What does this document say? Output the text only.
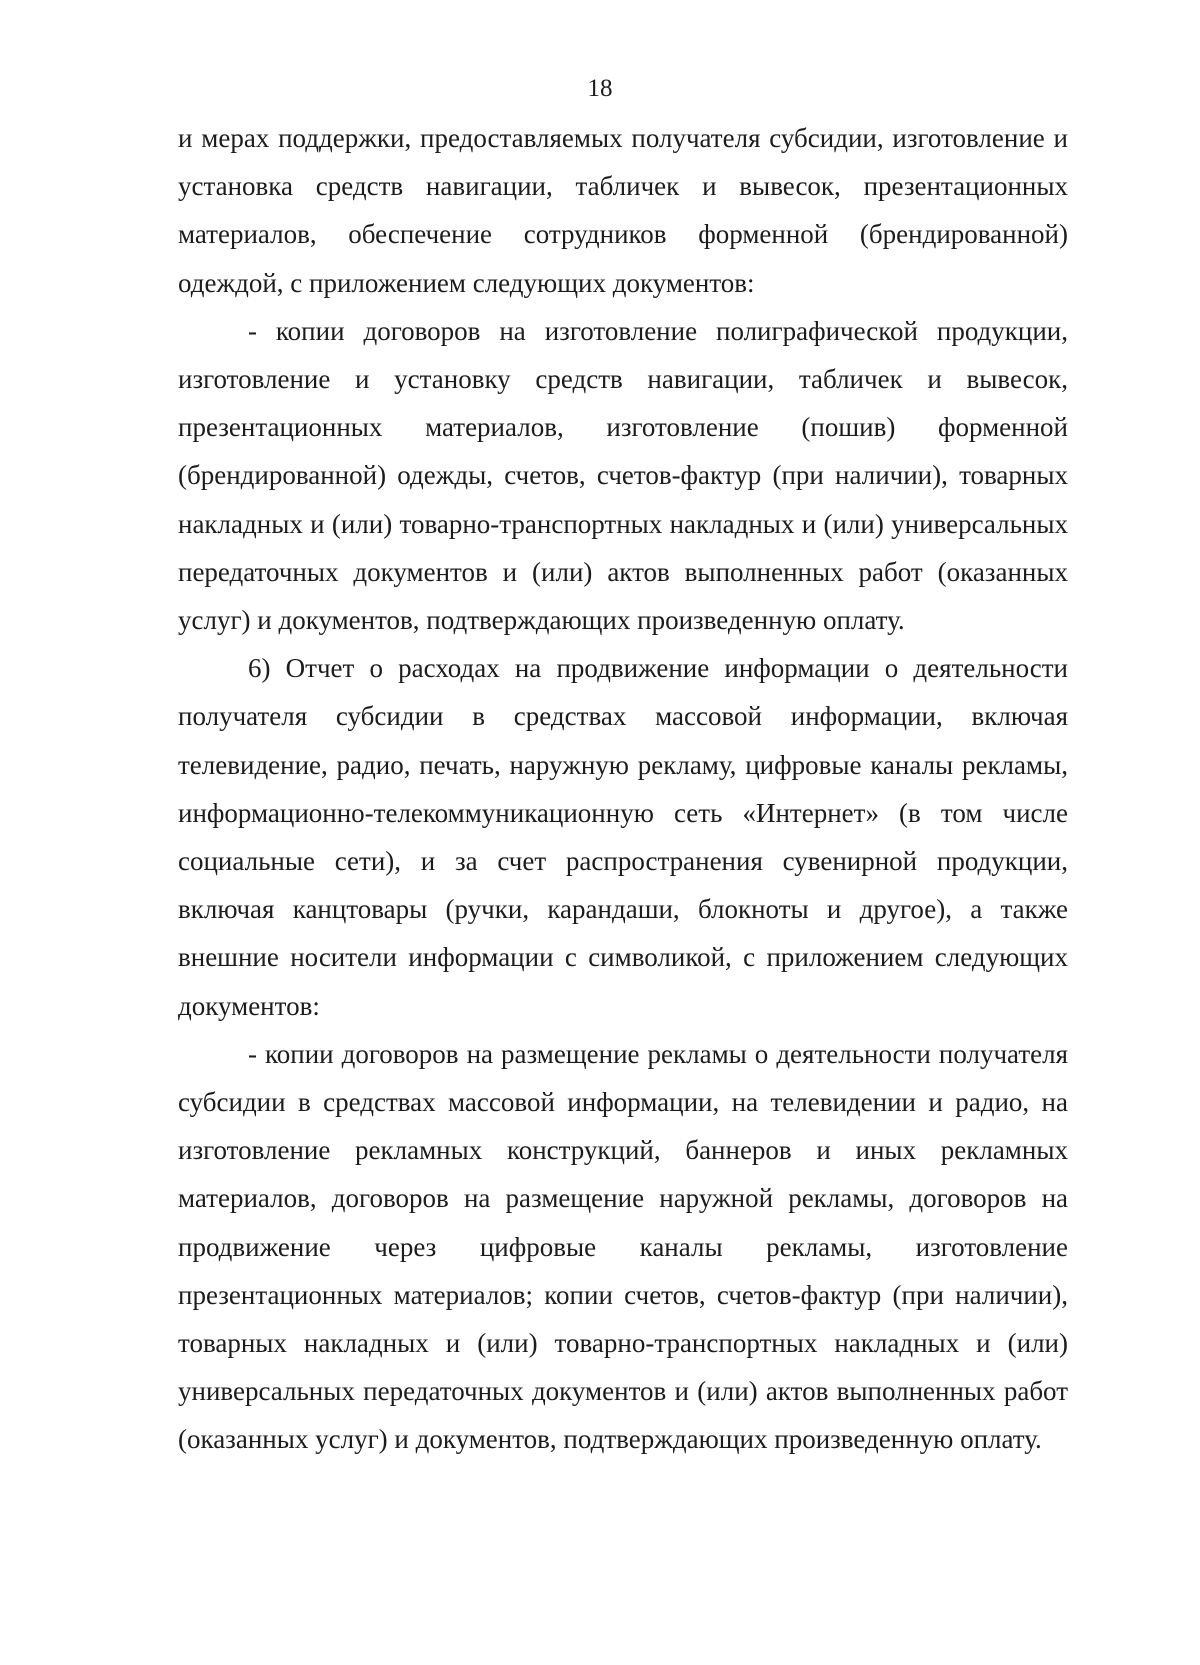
18

и мерах поддержки, предоставляемых получателя субсидии, изготовление и установка средств навигации, табличек и вывесок, презентационных материалов, обеспечение сотрудников форменной (брендированной) одеждой, с приложением следующих документов:

- копии договоров на изготовление полиграфической продукции, изготовление и установку средств навигации, табличек и вывесок, презентационных материалов, изготовление (пошив) форменной (брендированной) одежды, счетов, счетов-фактур (при наличии), товарных накладных и (или) товарно-транспортных накладных и (или) универсальных передаточных документов и (или) актов выполненных работ (оказанных услуг) и документов, подтверждающих произведенную оплату.

6) Отчет о расходах на продвижение информации о деятельности получателя субсидии в средствах массовой информации, включая телевидение, радио, печать, наружную рекламу, цифровые каналы рекламы, информационно-телекоммуникационную сеть «Интернет» (в том числе социальные сети), и за счет распространения сувенирной продукции, включая канцтовары (ручки, карандаши, блокноты и другое), а также внешние носители информации с символикой, с приложением следующих документов:

- копии договоров на размещение рекламы о деятельности получателя субсидии в средствах массовой информации, на телевидении и радио, на изготовление рекламных конструкций, баннеров и иных рекламных материалов, договоров на размещение наружной рекламы, договоров на продвижение через цифровые каналы рекламы, изготовление презентационных материалов; копии счетов, счетов-фактур (при наличии), товарных накладных и (или) товарно-транспортных накладных и (или) универсальных передаточных документов и (или) актов выполненных работ (оказанных услуг) и документов, подтверждающих произведенную оплату.
